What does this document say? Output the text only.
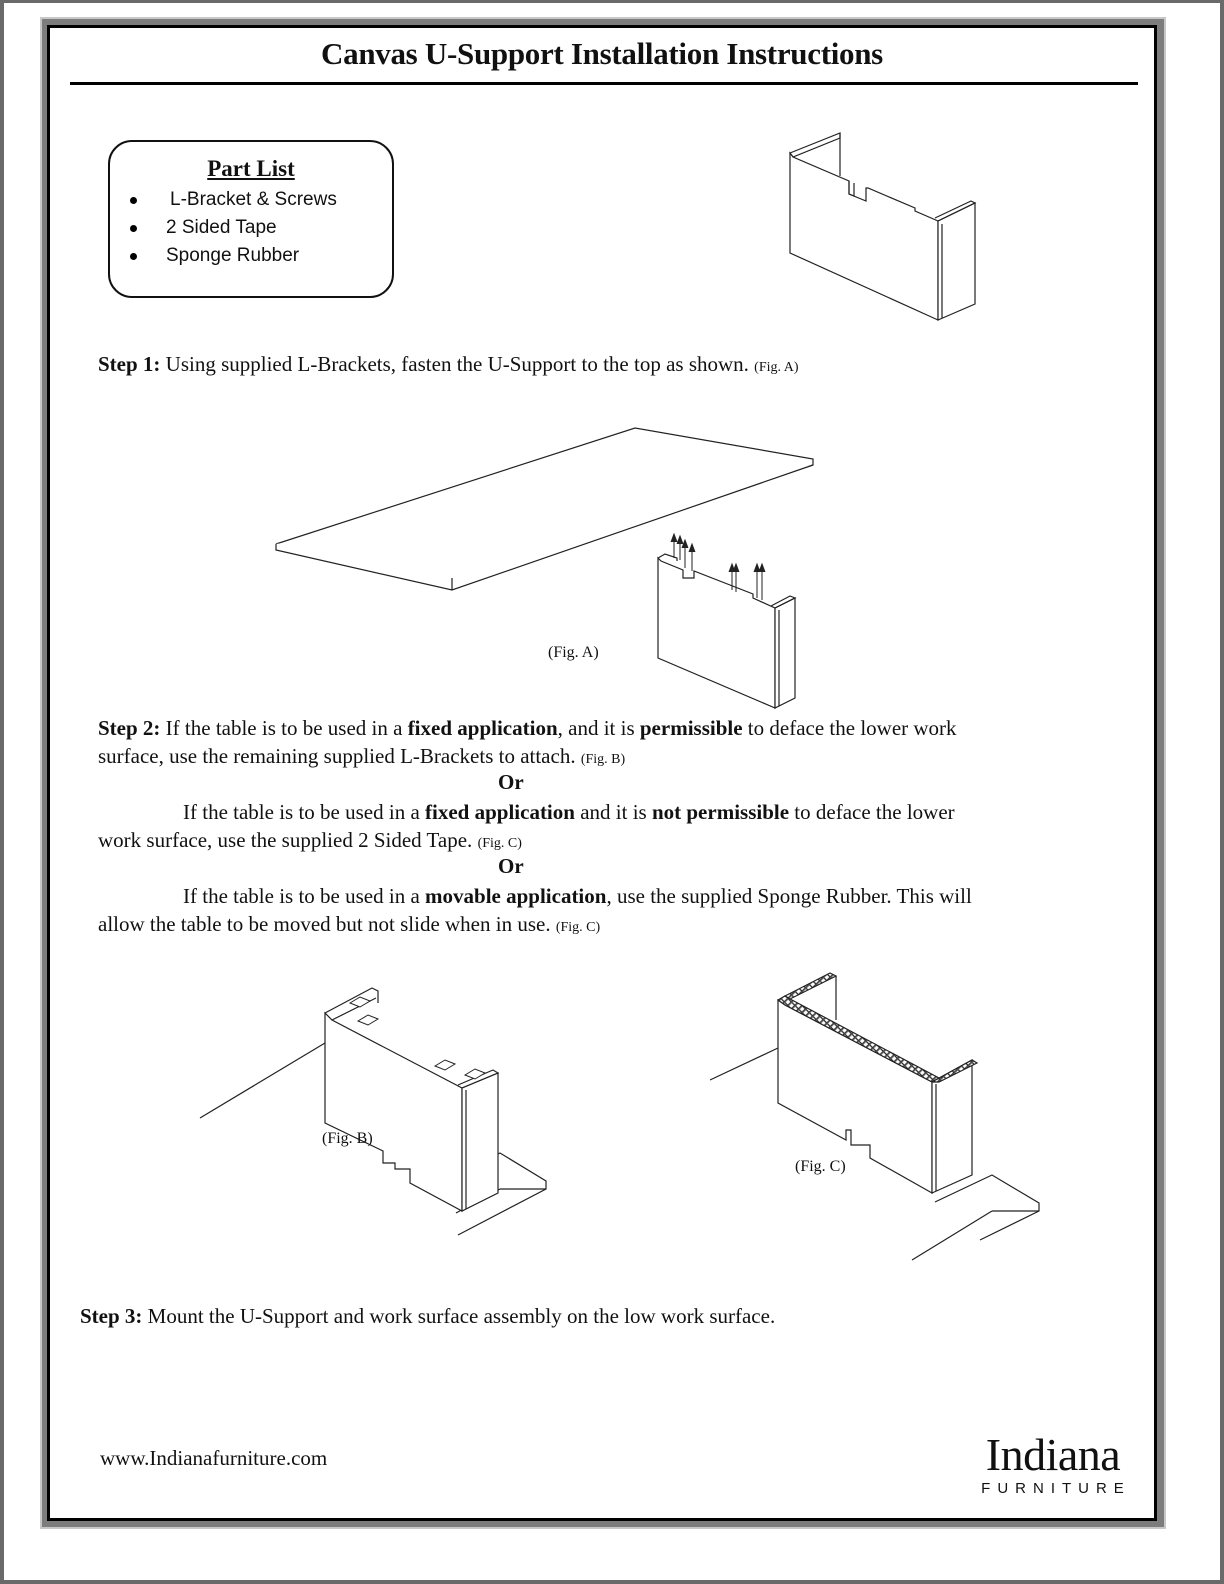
Canvas U-Support Installation Instructions
Part List
L-Bracket & Screws
2 Sided Tape
Sponge Rubber
Step 1: Using supplied L-Brackets, fasten the U-Support to the top as shown. (Fig. A)
(Fig. A)
Step 2: If the table is to be used in a fixed application, and it is permissible to deface the lower work
surface, use the remaining supplied L-Brackets to attach. (Fig. B)
Or
If the table is to be used in a fixed application and it is not permissible to deface the lower
work surface, use the supplied 2 Sided Tape. (Fig. C)
Or
If the table is to be used in a movable application, use the supplied Sponge Rubber. This will
allow the table to be moved but not slide when in use. (Fig. C)
(Fig. B)
(Fig. C)
Step 3: Mount the U-Support and work surface assembly on the low work surface.
www.Indianafurniture.com	Indiana
FURNITURE
